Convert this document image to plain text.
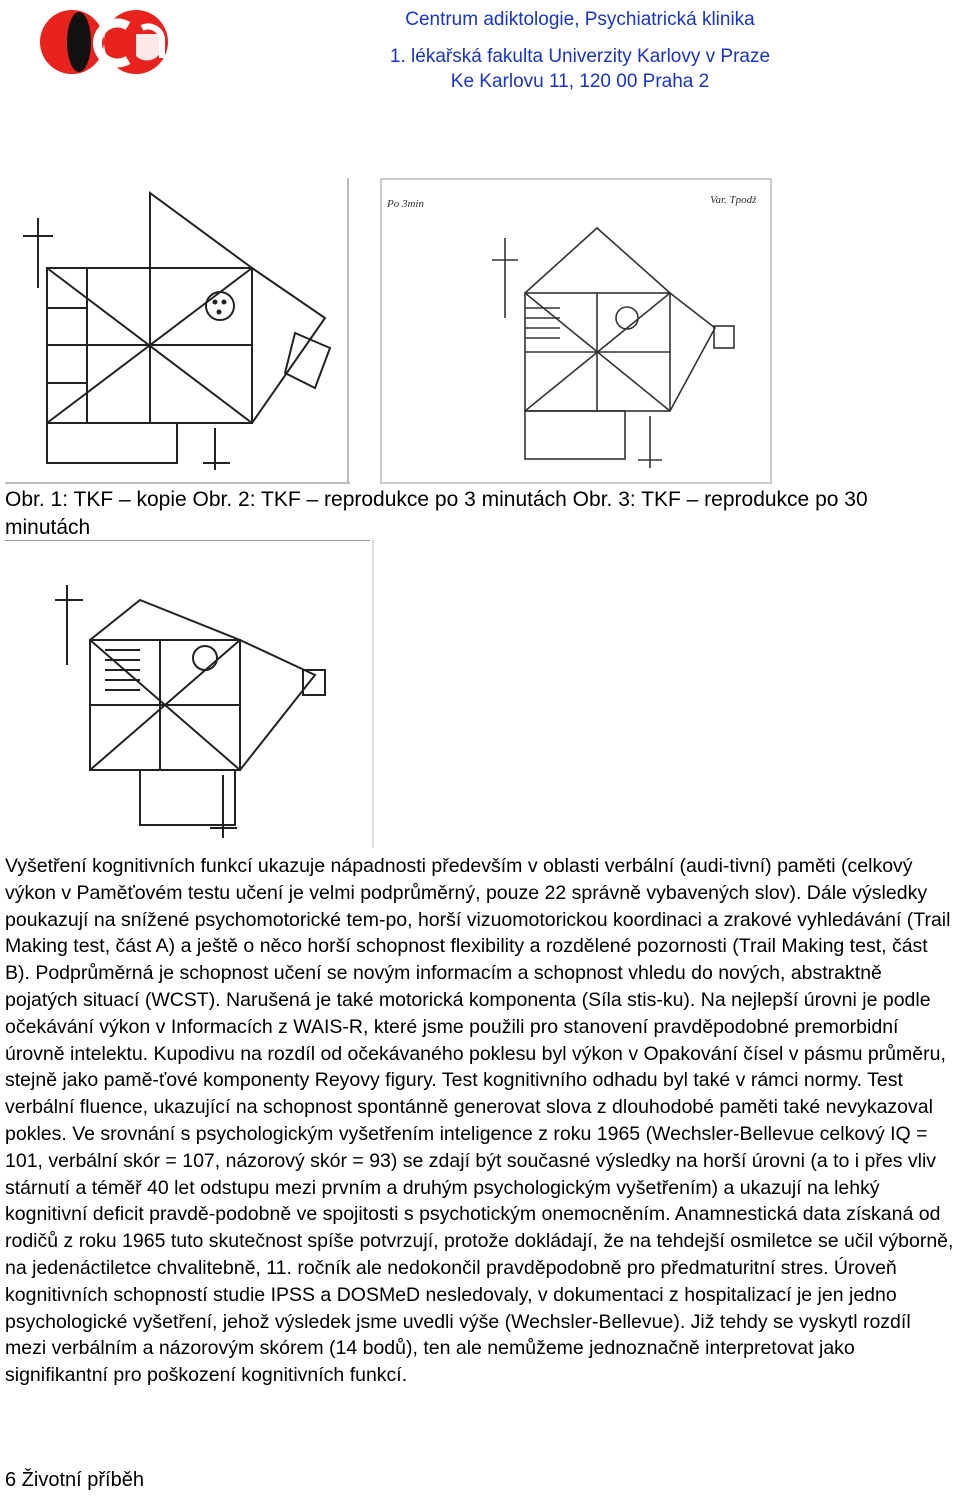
Centrum adiktologie, Psychiatrická klinika
1. lékařská fakulta Univerzity Karlovy v Praze
Ke Karlovu 11, 120 00 Praha 2
Po 3min	Var. Tpodž
Obr. 1: TKF – kopie Obr. 2: TKF – reprodukce po 3 minutách Obr. 3: TKF – reprodukce po 30 minutách

Vyšetření kognitivních funkcí ukazuje nápadnosti především v oblasti verbální (audi-tivní) paměti (celkový výkon v Paměťovém testu učení je velmi podprůměrný, pouze 22 správně vybavených slov). Dále výsledky poukazují na snížené psychomotorické tem-po, horší vizuomotorickou koordinaci a zrakové vyhledávání (Trail Making test, část A) a ještě o něco horší schopnost flexibility a rozdělené pozornosti (Trail Making test, část B). Podprůměrná je schopnost učení se novým informacím a schopnost vhledu do nových, abstraktně pojatých situací (WCST). Narušená je také motorická komponenta (Síla stis-ku). Na nejlepší úrovni je podle očekávání výkon v Informacích z WAIS-R, které jsme použili pro stanovení pravděpodobné premorbidní úrovně intelektu. Kupodivu na rozdíl od očekávaného poklesu byl výkon v Opakování čísel v pásmu průměru, stejně jako pamě-ťové komponenty Reyovy figury. Test kognitivního odhadu byl také v rámci normy. Test verbální fluence, ukazující na schopnost spontánně generovat slova z dlouhodobé paměti také nevykazoval pokles. Ve srovnání s psychologickým vyšetřením inteligence z roku 1965 (Wechsler-Bellevue celkový IQ = 101, verbální skór = 107, názorový skór = 93) se zdají být současné výsledky na horší úrovni (a to i přes vliv stárnutí a téměř 40 let odstupu mezi prvním a druhým psychologickým vyšetřením) a ukazují na lehký kognitivní deficit pravdě-podobně ve spojitosti s psychotickým onemocněním. Anamnestická data získaná od rodičů z roku 1965 tuto skutečnost spíše potvrzují, protože dokládají, že na tehdejší osmiletce se učil výborně, na jedenáctiletce chvalitebně, 11. ročník ale nedokončil pravděpodobně pro předmaturitní stres. Úroveň kognitivních schopností studie IPSS a DOSMeD nesledovaly, v dokumentaci z hospitalizací je jen jedno psychologické vyšetření, jehož výsledek jsme uvedli výše (Wechsler-Bellevue). Již tehdy se vyskytl rozdíl mezi verbálním a názorovým skórem (14 bodů), ten ale nemůžeme jednoznačně interpretovat jako signifikantní pro poškození kognitivních funkcí.

6 Životní příběh
